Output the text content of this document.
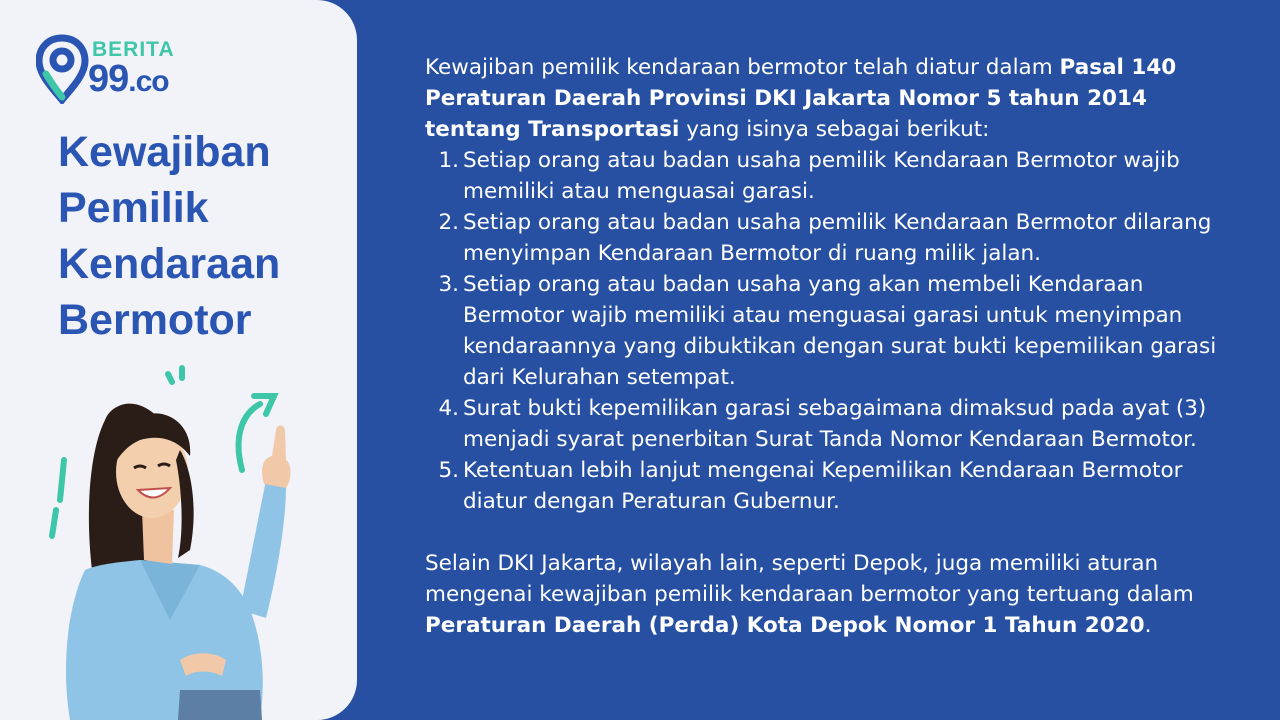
BERITA
99.co
Kewajiban
Pemilik
Kendaraan
Bermotor

Kewajiban pemilik kendaraan bermotor telah diatur dalam Pasal 140 Peraturan Daerah Provinsi DKI Jakarta Nomor 5 tahun 2014 tentang Transportasi yang isinya sebagai berikut:

1. Setiap orang atau badan usaha pemilik Kendaraan Bermotor wajib memiliki atau menguasai garasi.
2. Setiap orang atau badan usaha pemilik Kendaraan Bermotor dilarang menyimpan Kendaraan Bermotor di ruang milik jalan.
3. Setiap orang atau badan usaha yang akan membeli Kendaraan Bermotor wajib memiliki atau menguasai garasi untuk menyimpan kendaraannya yang dibuktikan dengan surat bukti kepemilikan garasi dari Kelurahan setempat.
4. Surat bukti kepemilikan garasi sebagaimana dimaksud pada ayat (3) menjadi syarat penerbitan Surat Tanda Nomor Kendaraan Bermotor.
5. Ketentuan lebih lanjut mengenai Kepemilikan Kendaraan Bermotor diatur dengan Peraturan Gubernur.

Selain DKI Jakarta, wilayah lain, seperti Depok, juga memiliki aturan mengenai kewajiban pemilik kendaraan bermotor yang tertuang dalam Peraturan Daerah (Perda) Kota Depok Nomor 1 Tahun 2020.
